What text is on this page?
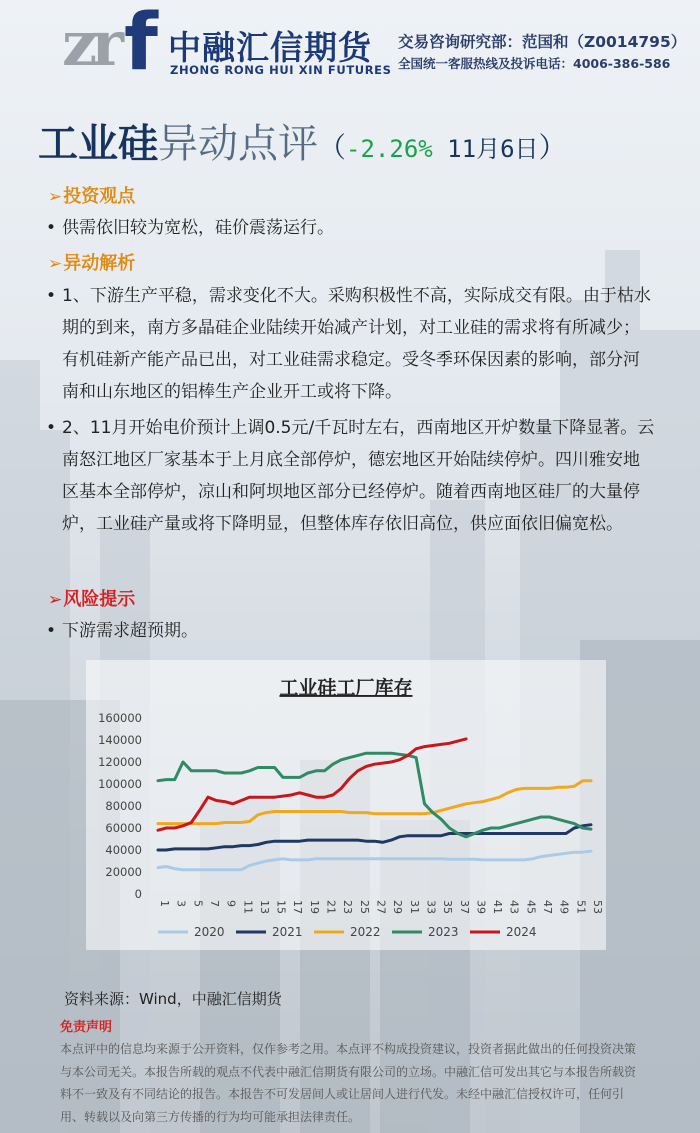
zr f 中融汇信期货
ZHONG RONG HUI XIN FUTURES
交易咨询研究部：范国和（Z0014795）
全国统一客服热线及投诉电话：4006-386-586
工业硅异动点评（-2.26% 11月6日）
➢投资观点
• 供需依旧较为宽松，硅价震荡运行。
➢异动解析
• 1、下游生产平稳，需求变化不大。采购积极性不高，实际成交有限。由于枯水期的到来，南方多晶硅企业陆续开始减产计划，对工业硅的需求将有所减少；有机硅新产能产品已出，对工业硅需求稳定。受冬季环保因素的影响，部分河南和山东地区的铝棒生产企业开工或将下降。
• 2、11月开始电价预计上调0.5元/千瓦时左右，西南地区开炉数量下降显著。云南怒江地区厂家基本于上月底全部停炉，德宏地区开始陆续停炉。四川雅安地区基本全部停炉，凉山和阿坝地区部分已经停炉。随着西南地区硅厂的大量停炉，工业硅产量或将下降明显，但整体库存依旧高位，供应面依旧偏宽松。
➢风险提示
• 下游需求超预期。
工业硅工厂库存
160000
140000
120000
100000
80000
60000
40000
20000
0
1 3 5 7 9 11 13 15 17 19 21 23 25 27 29 31 33 35 37 39 41 43 45 47 49 51 53
2020	2021	2022	2023	2024
资料来源：Wind，中融汇信期货
免责声明
本点评中的信息均来源于公开资料，仅作参考之用。本点评不构成投资建议，投资者据此做出的任何投资决策与本公司无关。本报告所载的观点不代表中融汇信期货有限公司的立场。中融汇信可发出其它与本报告所载资料不一致及有不同结论的报告。本报告不可发居间人或让居间人进行代发。未经中融汇信授权许可，任何引用、转载以及向第三方传播的行为均可能承担法律责任。
